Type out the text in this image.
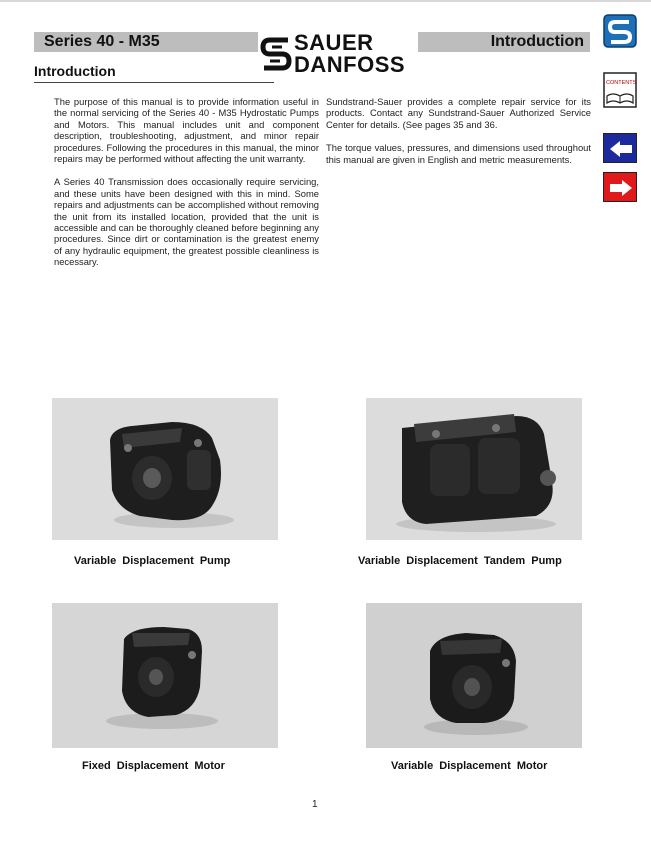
Series 40 - M35	Introduction
SAUER
DANFOSS
Introduction

The purpose of this manual is to provide information useful in the normal servicing of the Series 40 - M35 Hydrostatic Pumps and Motors. This manual includes unit and component description, troubleshooting, adjustment, and minor repair procedures. Following the procedures in this manual, the minor repairs may be performed without affecting the unit warranty.

A Series 40 Transmission does occasionally require servicing, and these units have been designed with this in mind. Some repairs and adjustments can be accomplished without removing the unit from its installed location, provided that the unit is accessible and can be thoroughly cleaned before beginning any procedures. Since dirt or contamination is the greatest enemy of any hydraulic equipment, the greatest possible cleanliness is necessary.

Sundstrand-Sauer provides a complete repair service for its products. Contact any Sundstrand-Sauer Authorized Service Center for details. (See pages 35 and 36.

The torque values, pressures, and dimensions used throughout this manual are given in English and metric measurements.

CONTENTS
Variable Displacement Pump	Variable Displacement Tandem Pump
Fixed Displacement Motor	Variable Displacement Motor
1
